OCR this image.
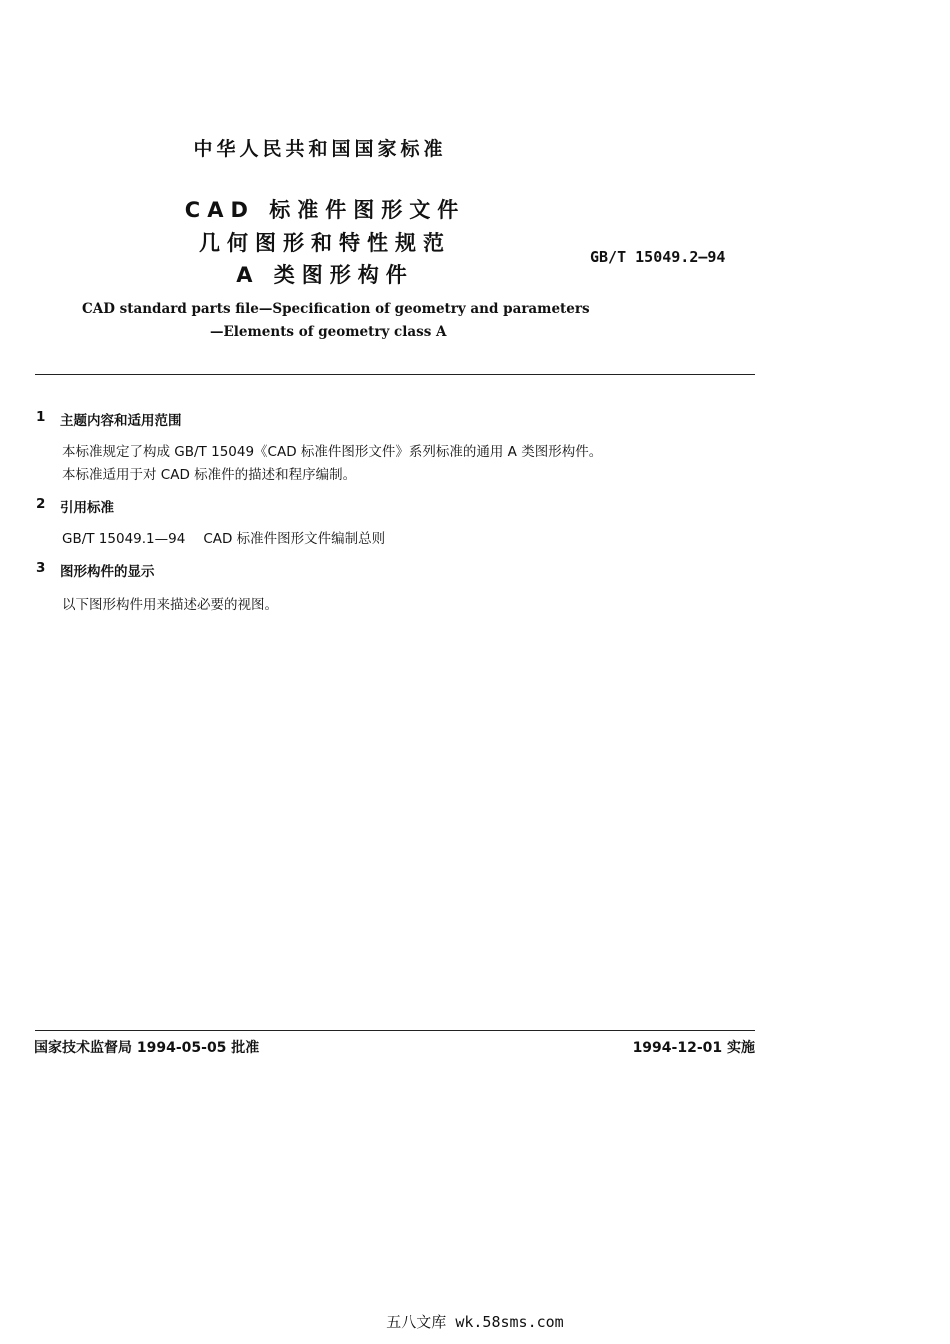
中华人民共和国国家标准
CAD 标准件图形文件
几何图形和特性规范
A 类图形构件
GB/T 15049.2—94
CAD standard parts file—Specification of geometry and parameters
—Elements of geometry class A
1 主题内容和适用范围
本标准规定了构成 GB/T 15049《CAD 标准件图形文件》系列标准的通用 A 类图形构件。
本标准适用于对 CAD 标准件的描述和程序编制。
2 引用标准
GB/T 15049.1—94 CAD 标准件图形文件编制总则
3 图形构件的显示
以下图形构件用来描述必要的视图。
国家技术监督局 1994-05-05 批准	1994-12-01 实施
五八文库 wk.58sms.com
